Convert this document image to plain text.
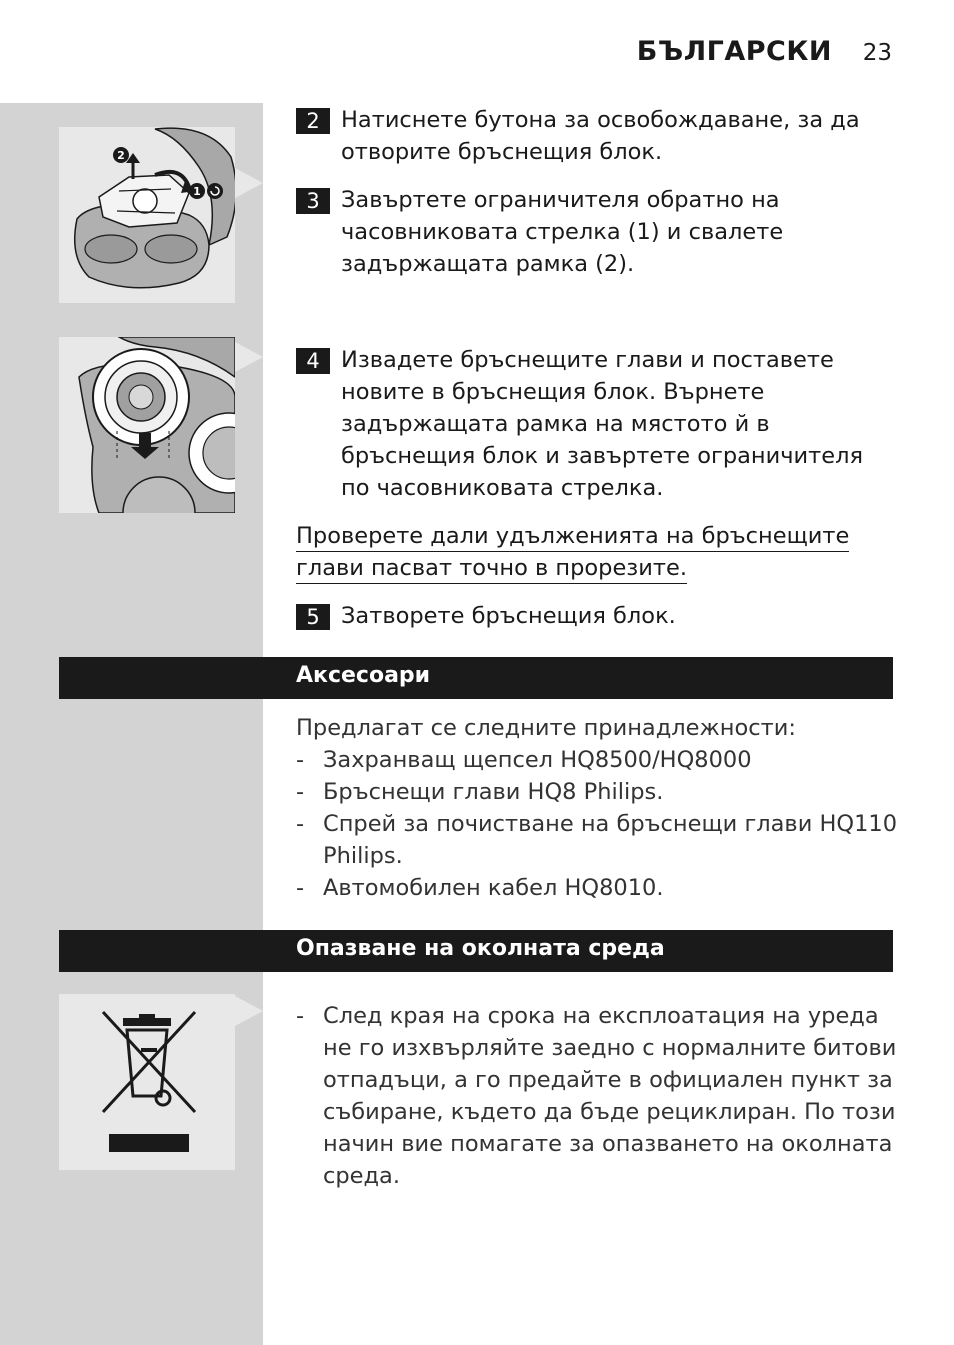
БЪЛГАРСКИ 23
2
1
2 Натиснете бутона за освобождаване, за да отворите бръснещия блок.
3 Завъртете ограничителя обратно на часовниковата стрелка (1) и свалете задържащата рамка (2).
4 Извадете бръснещите глави и поставете новите в бръснещия блок. Върнете задържащата рамка на мястото й в бръснещия блок и завъртете ограничителя по часовниковата стрелка.
Проверете дали удълженията на бръснещите
глави пасват точно в прорезите.
5 Затворете бръснещия блок.
Аксесоари
Предлагат се следните принадлежности:
- Захранващ щепсел HQ8500/HQ8000
- Бръснещи глави HQ8 Philips.
- Спрей за почистване на бръснещи глави HQ110 Philips.
- Автомобилен кабел HQ8010.
Опазване на околната среда
- След края на срока на експлоатация на уреда не го изхвърляйте заедно с нормалните битови отпадъци, а го предайте в официален пункт за събиране, където да бъде рециклиран. По този начин вие помагате за опазването на околната среда.
